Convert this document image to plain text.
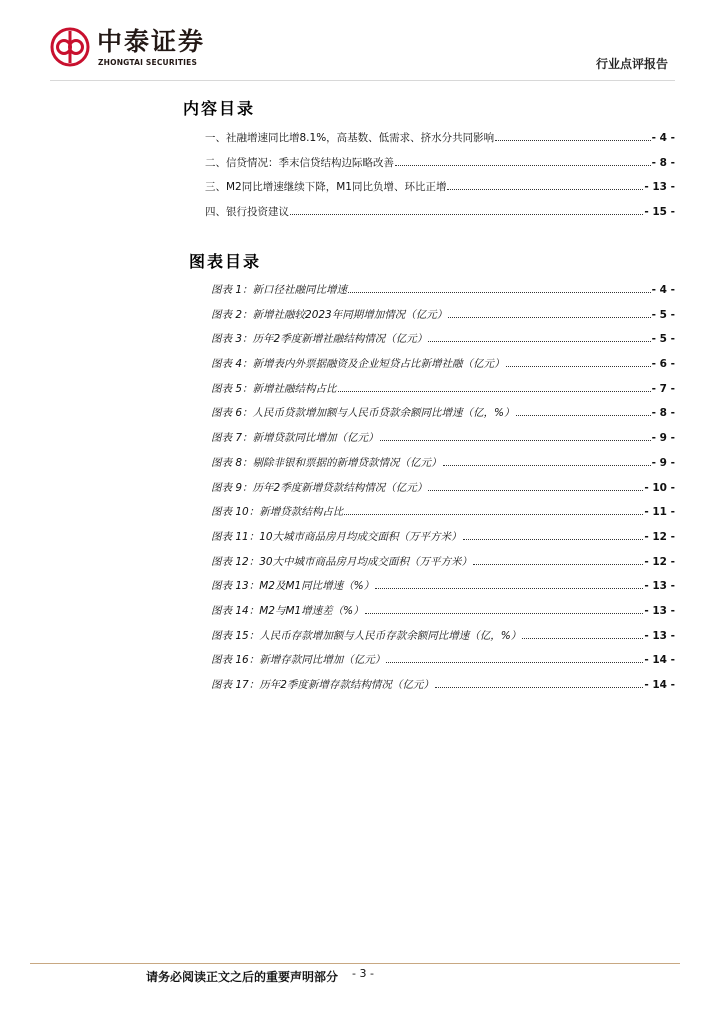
中泰证券
ZHONGTAI SECURITIES	行业点评报告
内容目录
一、社融增速同比增8.1%，高基数、低需求、挤水分共同影响	- 4 -
二、信贷情况：季末信贷结构边际略改善	- 8 -
三、M2同比增速继续下降，M1同比负增、环比正增	- 13 -
四、银行投资建议	- 15 -
图表目录
图表 1：新口径社融同比增速	- 4 -
图表 2：新增社融较2023年同期增加情况（亿元）	- 5 -
图表 3：历年2季度新增社融结构情况（亿元）	- 5 -
图表 4：新增表内外票据融资及企业短贷占比新增社融（亿元）	- 6 -
图表 5：新增社融结构占比	- 7 -
图表 6：人民币贷款增加额与人民币贷款余额同比增速（亿，%）	- 8 -
图表 7：新增贷款同比增加（亿元）	- 9 -
图表 8：剔除非银和票据的新增贷款情况（亿元）	- 9 -
图表 9：历年2季度新增贷款结构情况（亿元）	- 10 -
图表 10：新增贷款结构占比	- 11 -
图表 11：10大城市商品房月均成交面积（万平方米）	- 12 -
图表 12：30大中城市商品房月均成交面积（万平方米）	- 12 -
图表 13：M2及M1同比增速（%）	- 13 -
图表 14：M2与M1增速差（%）	- 13 -
图表 15：人民币存款增加额与人民币存款余额同比增速（亿，%）	- 13 -
图表 16：新增存款同比增加（亿元）	- 14 -
图表 17：历年2季度新增存款结构情况（亿元）	- 14 -
请务必阅读正文之后的重要声明部分 - 3 -
